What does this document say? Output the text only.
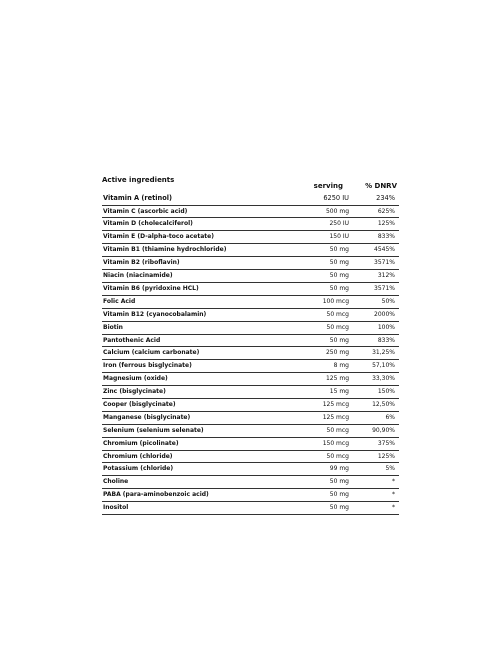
Active ingredients
serving	% DNRV
Vitamin A (retinol)	6250 IU	234%
Vitamin C (ascorbic acid)	500 mg	625%
Vitamin D (cholecalciferol)	250 IU	125%
Vitamin E (D-alpha-toco acetate)	150 IU	833%
Vitamin B1 (thiamine hydrochloride)	50 mg	4545%
Vitamin B2 (riboflavin)	50 mg	3571%
Niacin (niacinamide)	50 mg	312%
Vitamin B6 (pyridoxine HCL)	50 mg	3571%
Folic Acid	100 mcg	50%
Vitamin B12 (cyanocobalamin)	50 mcg	2000%
Biotin	50 mcg	100%
Pantothenic Acid	50 mg	833%
Calcium (calcium carbonate)	250 mg	31,25%
Iron (ferrous bisglycinate)	8 mg	57,10%
Magnesium (oxide)	125 mg	33,30%
Zinc (bisglycinate)	15 mg	150%
Cooper (bisglycinate)	125 mcg	12,50%
Manganese (bisglycinate)	125 mcg	6%
Selenium (selenium selenate)	50 mcg	90,90%
Chromium (picolinate)	150 mcg	375%
Chromium (chloride)	50 mcg	125%
Potassium (chloride)	99 mg	5%
Choline	50 mg	*
PABA (para-aminobenzoic acid)	50 mg	*
Inositol	50 mg	*
